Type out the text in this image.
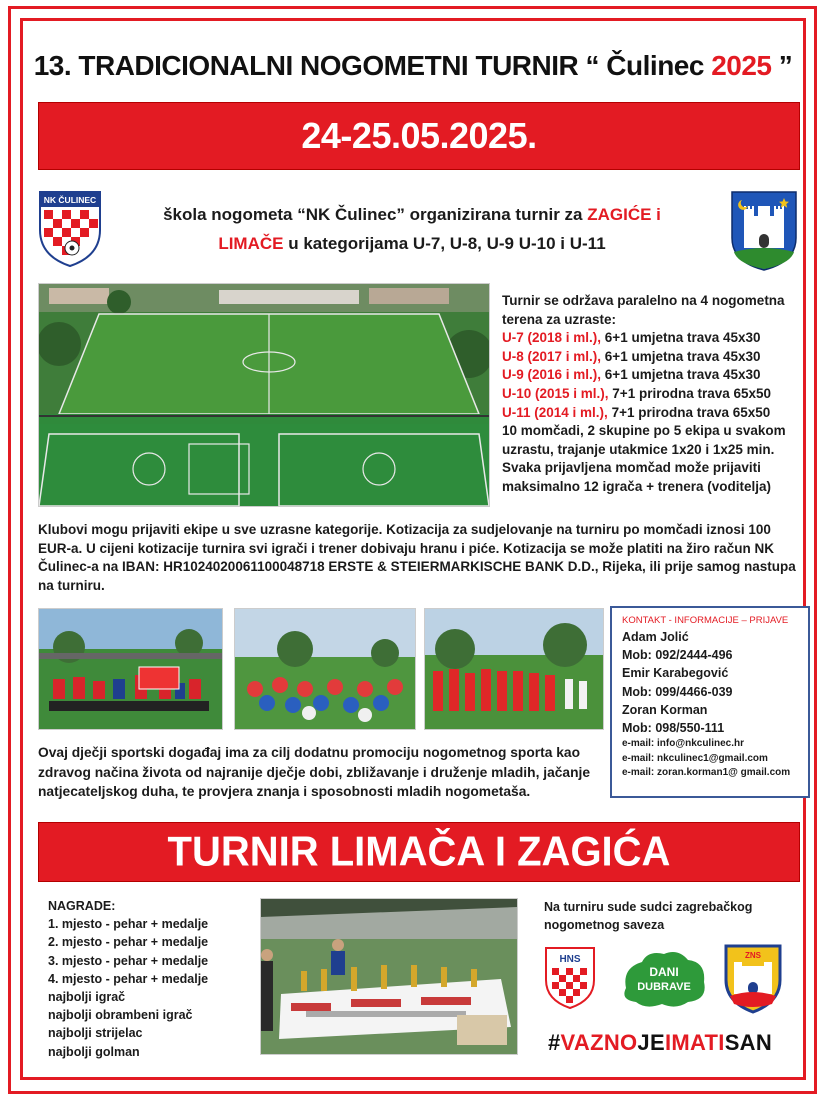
13. TRADICIONALNI NOGOMETNI TURNIR “ Čulinec 2025 ”
24-25.05.2025.
NK ČULINEC
škola nogometa “NK Čulinec” organizirana turnir za ZAGIĆE i
LIMAČE u kategorijama U-7, U-8, U-9 U-10 i U-11
Turnir se održava paralelno na 4 nogometna terena za uzraste:
U-7 (2018 i ml.), 6+1 umjetna trava 45x30
U-8 (2017 i ml.), 6+1 umjetna trava 45x30
U-9 (2016 i ml.), 6+1 umjetna trava 45x30
U-10 (2015 i ml.), 7+1 prirodna trava 65x50
U-11 (2014 i ml.), 7+1 prirodna trava 65x50
10 momčadi, 2 skupine po 5 ekipa u svakom uzrastu, trajanje utakmice 1x20 i 1x25 min.
Svaka prijavljena momčad može prijaviti maksimalno 12 igrača + trenera (voditelja)
Klubovi mogu prijaviti ekipe u sve uzrasne kategorije. Kotizacija za sudjelovanje na turniru po momčadi iznosi 100 EUR-a. U cijeni kotizacije turnira svi igrači i trener dobivaju hranu i piće. Kotizacija se može platiti na žiro račun NK Čulinec-a na IBAN: HR1024020061100048718 ERSTE & STEIERMARKISCHE BANK D.D., Rijeka, ili prije samog nastupa na turniru.
KONTAKT - INFORMACIJE – PRIJAVE
Adam Jolić
Mob: 092/2444-496
Emir Karabegović
Mob: 099/4466-039
Zoran Korman
Mob: 098/550-111
e-mail: info@nkculinec.hr
e-mail: nkculinec1@gmail.com
e-mail: zoran.korman1@ gmail.com
Ovaj dječji sportski događaj ima za cilj dodatnu promociju nogometnog sporta kao zdravog načina života od najranije dječje dobi, zbližavanje i druženje mladih, jačanje natjecateljskog duha, te provjera znanja i sposobnosti mladih nogometaša.
TURNIR LIMAČA I ZAGIĆA
NAGRADE:
1. mjesto - pehar + medalje
2. mjesto - pehar + medalje
3. mjesto - pehar + medalje
4. mjesto - pehar + medalje
najbolji igrač
najbolji obrambeni igrač
najbolji strijelac
najbolji golman
Na turniru sude sudci zagrebačkog nogometnog saveza
HNS
DANI
DUBRAVE
ZNS
#VAZNOJEIMATISAN
